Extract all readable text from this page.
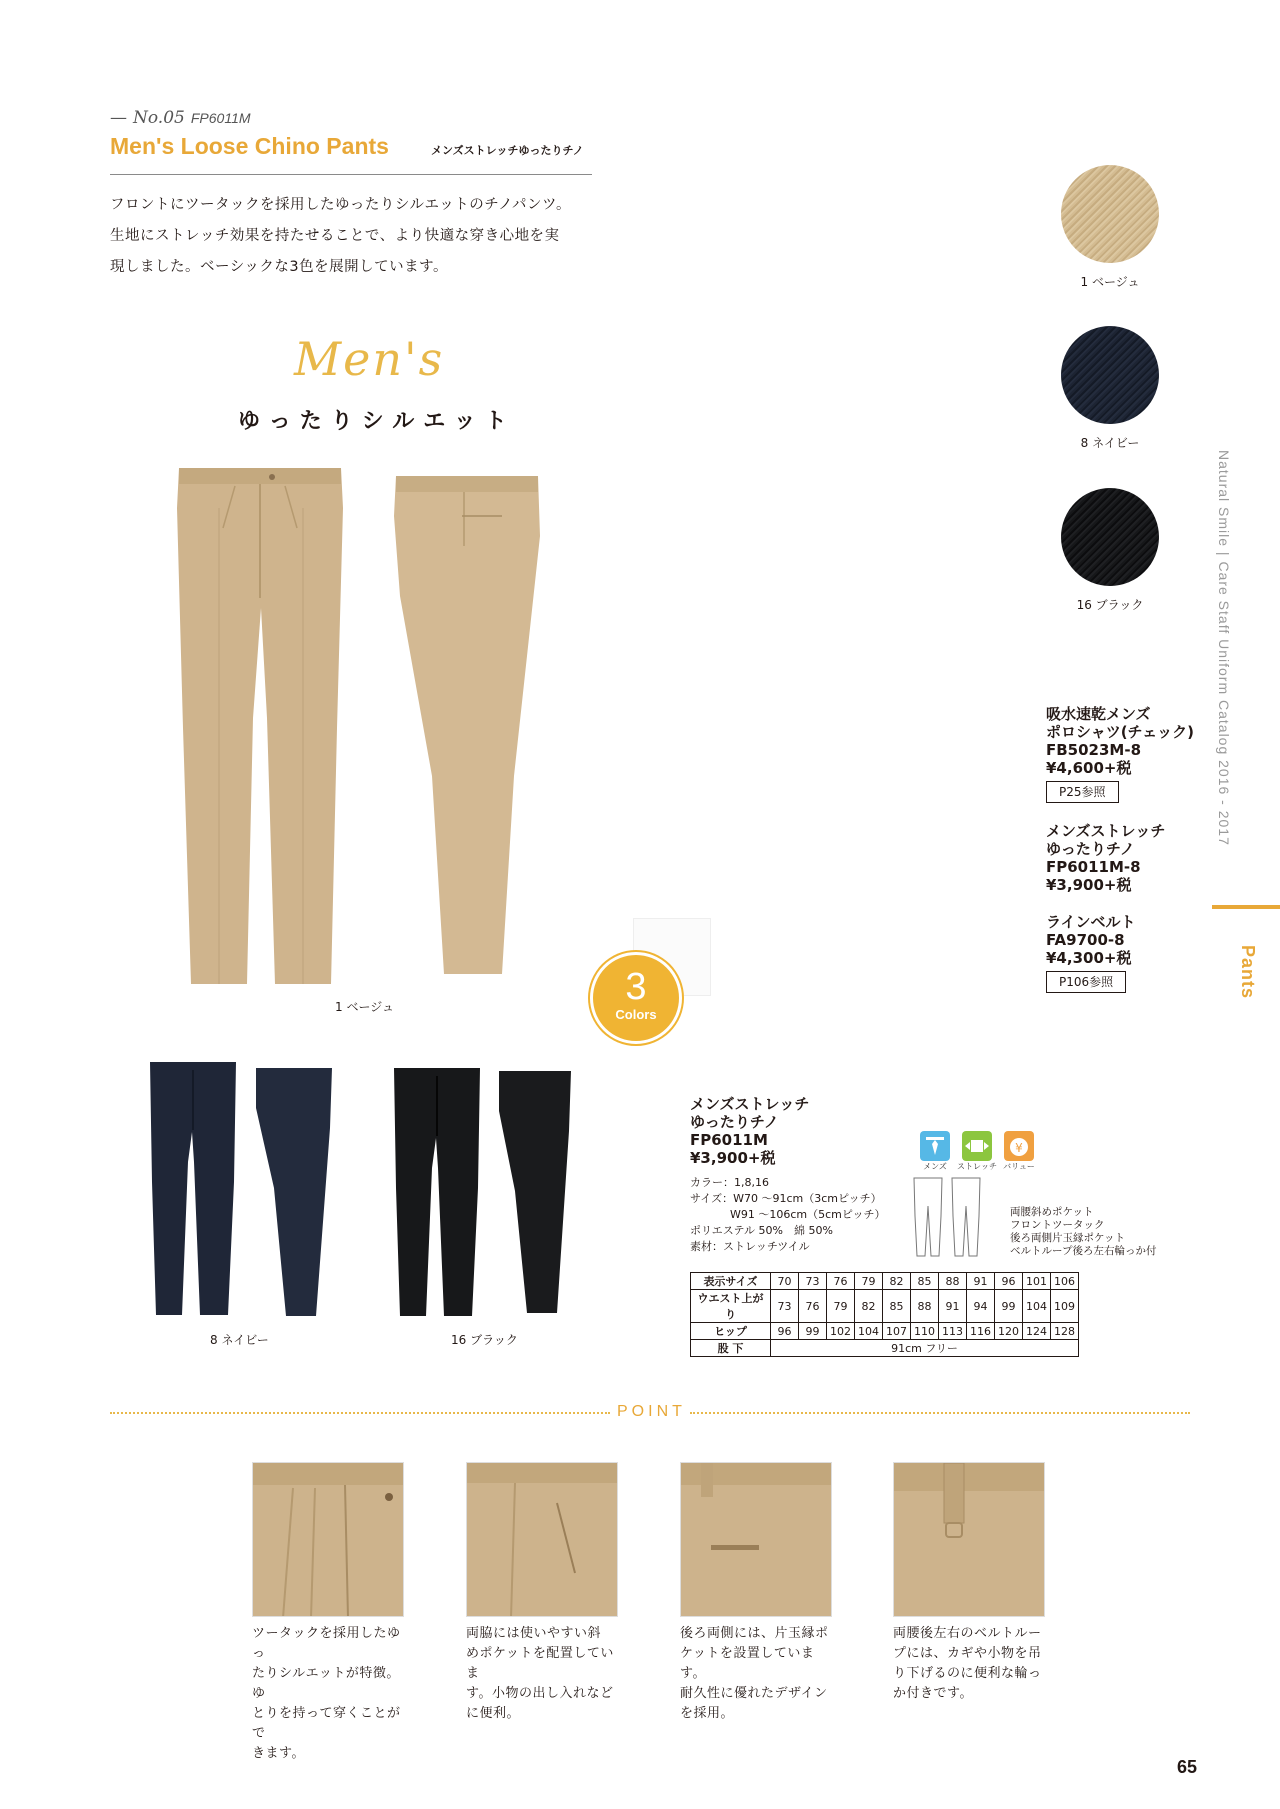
— No.05 FP6011M
Men's Loose Chino Pants	メンズストレッチゆったりチノ
フロントにツータックを採用したゆったりシルエットのチノパンツ。
生地にストレッチ効果を持たせることで、より快適な穿き心地を実
現しました。ベーシックな3色を展開しています。
Men's
ゆったりシルエット
1 ベージュ
8 ネイビー
16 ブラック	Natural Smile | Care Staff Uniform Catalog 2016 - 2017
Pants
吸水速乾メンズ
ポロシャツ(チェック)
FB5023M-8
¥4,600+税
P25参照
メンズストレッチ
ゆったりチノ
FP6011M-8
¥3,900+税
ラインベルト
FA9700-8
¥4,300+税
P106参照
1 ベージュ	3
Colors
8 ネイビー	16 ブラック
メンズストレッチ
ゆったりチノ
FP6011M
¥3,900+税
カラー：1,8,16
サイズ：W70 ～91cm（3cmピッチ）
W91 ～106cm（5cmピッチ）
ポリエステル 50%　綿 50%
素材：ストレッチツイル
メンズ	ストレッチ
¥
バリュー
両腰斜めポケット
フロントツータック
後ろ両側片玉縁ポケット
ベルトループ後ろ左右輪っか付
表示サイズ	70	73	76	79	82	85	88	91	96	101	106
ウエスト上がり	73	76	79	82	85	88	91	94	99	104	109
ヒップ	96	99	102	104	107	110	113	116	120	124	128
股 下	91cm フリー										
POINT
ツータックを採用したゆっ
たりシルエットが特徴。ゆ
とりを持って穿くことがで
きます。
両脇には使いやすい斜
めポケットを配置していま
す。小物の出し入れなど
に便利。
後ろ両側には、片玉縁ポ
ケットを設置しています。
耐久性に優れたデザイン
を採用。
両腰後左右のベルトルー
プには、カギや小物を吊
り下げるのに便利な輪っ
か付きです。
65
